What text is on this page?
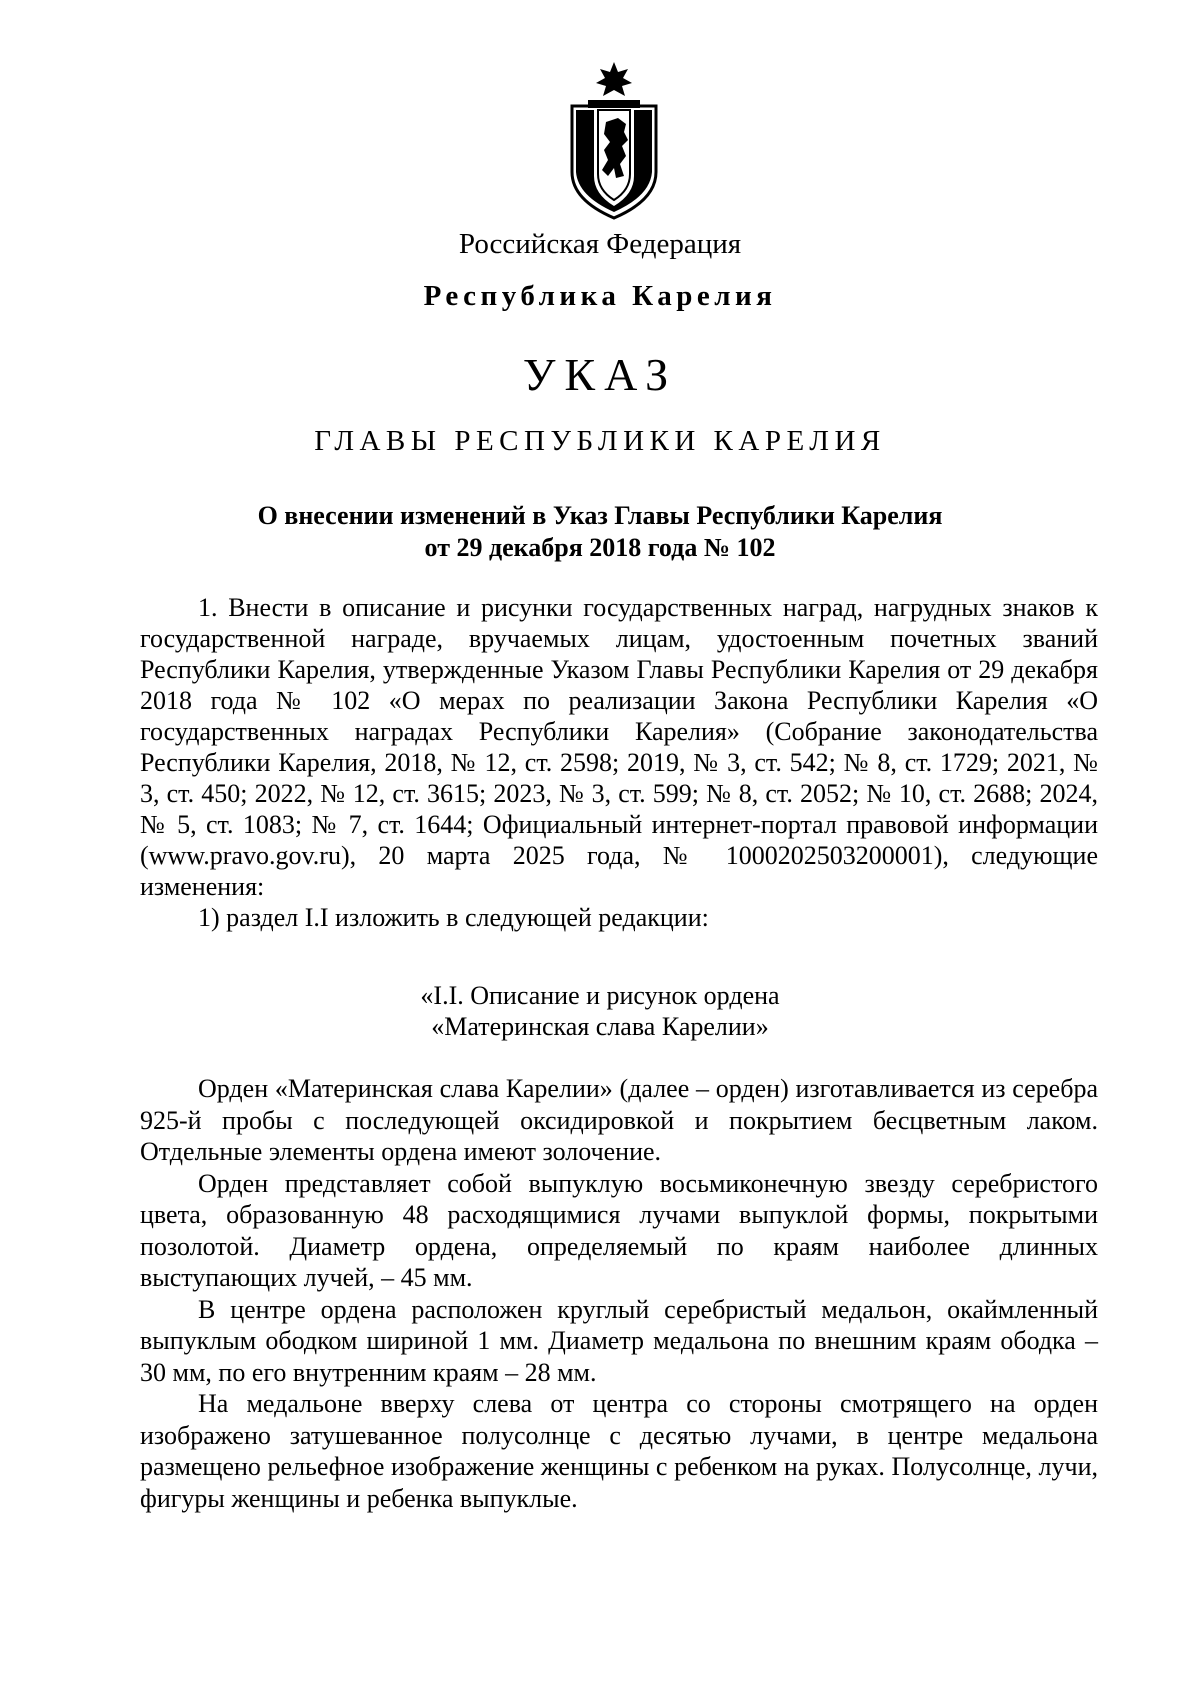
Российская Федерация
Республика Карелия
УКАЗ
ГЛАВЫ РЕСПУБЛИКИ КАРЕЛИЯ
О внесении изменений в Указ Главы Республики Карелия
от 29 декабря 2018 года № 102

1. Внести в описание и рисунки государственных наград, нагрудных знаков к государственной награде, вручаемых лицам, удостоенным почетных званий Республики Карелия, утвержденные Указом Главы Республики Карелия от 29 декабря 2018 года № 102 «О мерах по реализации Закона Республики Карелия «О государственных наградах Республики Карелия» (Собрание законодательства Республики Карелия, 2018, № 12, ст. 2598; 2019, № 3, ст. 542; № 8, ст. 1729; 2021, № 3, ст. 450; 2022, № 12, ст. 3615; 2023, № 3, ст. 599; № 8, ст. 2052; № 10, ст. 2688; 2024, № 5, ст. 1083; № 7, ст. 1644; Официальный интернет-портал правовой информации (www.pravo.gov.ru), 20 марта 2025 года, № 1000202503200001), следующие изменения:

1) раздел I.I изложить в следующей редакции:

«I.I. Описание и рисунок ордена
«Материнская слава Карелии»

Орден «Материнская слава Карелии» (далее – орден) изготавливается из серебра 925-й пробы с последующей оксидировкой и покрытием бесцветным лаком. Отдельные элементы ордена имеют золочение.

Орден представляет собой выпуклую восьмиконечную звезду серебристого цвета, образованную 48 расходящимися лучами выпуклой формы, покрытыми позолотой. Диаметр ордена, определяемый по краям наиболее длинных выступающих лучей, – 45 мм.

В центре ордена расположен круглый серебристый медальон, окаймленный выпуклым ободком шириной 1 мм. Диаметр медальона по внешним краям ободка – 30 мм, по его внутренним краям – 28 мм.

На медальоне вверху слева от центра со стороны смотрящего на орден изображено затушеванное полусолнце с десятью лучами, в центре медальона размещено рельефное изображение женщины с ребенком на руках. Полусолнце, лучи, фигуры женщины и ребенка выпуклые.
